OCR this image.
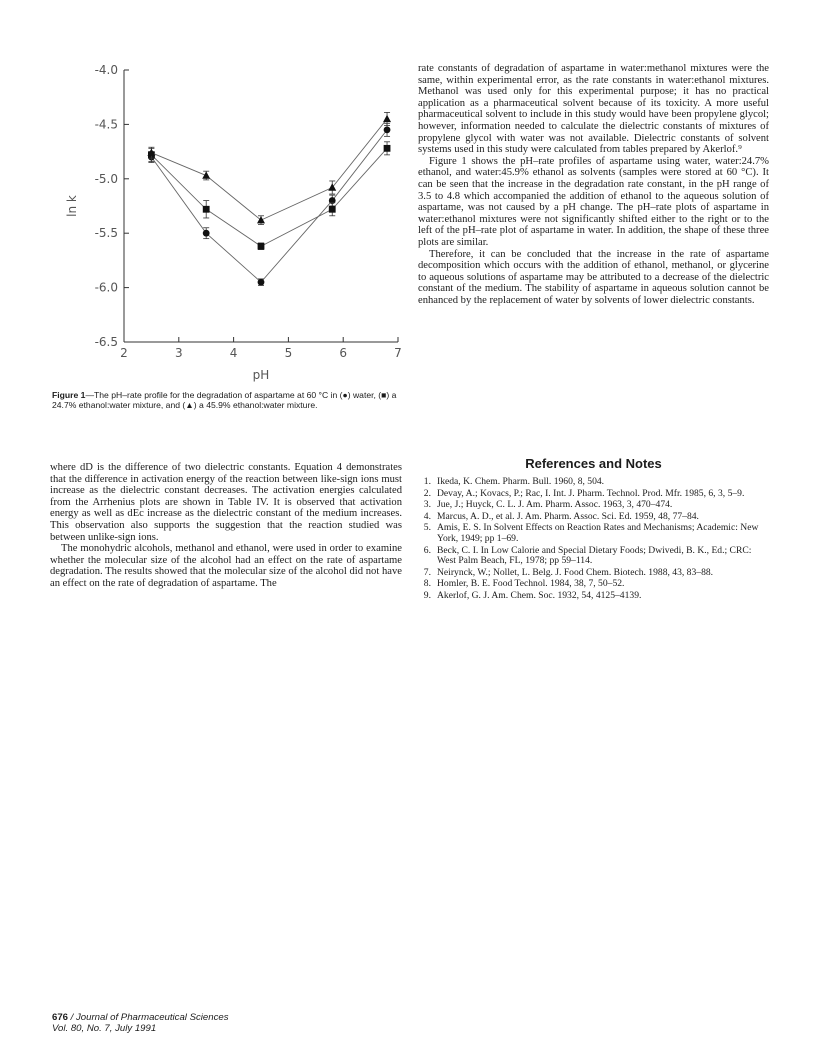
-4.0
-4.5
-5.0
-5.5
-6.0
-6.5
2	3	4	5	6	7
pH
ln k
Figure 1—The pH–rate profile for the degradation of aspartame at 60 °C in (●) water, (■) a 24.7% ethanol:water mixture, and (▲) a 45.9% ethanol:water mixture.

where dD is the difference of two dielectric constants. Equation 4 demonstrates that the difference in activation energy of the reaction between like-sign ions must increase as the dielectric constant decreases. The activation energies calculated from the Arrhenius plots are shown in Table IV. It is observed that activation energy as well as dEc increase as the dielectric constant of the medium increases. This observation also supports the suggestion that the reaction studied was between unlike-sign ions.

The monohydric alcohols, methanol and ethanol, were used in order to examine whether the molecular size of the alcohol had an effect on the rate of aspartame degradation. The results showed that the molecular size of the alcohol did not have an effect on the rate of degradation of aspartame. The

rate constants of degradation of aspartame in water:methanol mixtures were the same, within experimental error, as the rate constants in water:ethanol mixtures. Methanol was used only for this experimental purpose; it has no practical application as a pharmaceutical solvent because of its toxicity. A more useful pharmaceutical solvent to include in this study would have been propylene glycol; however, information needed to calculate the dielectric constants of mixtures of propylene glycol with water was not available. Dielectric constants of solvent systems used in this study were calculated from tables prepared by Akerlof.⁹

Figure 1 shows the pH–rate profiles of aspartame using water, water:24.7% ethanol, and water:45.9% ethanol as solvents (samples were stored at 60 °C). It can be seen that the increase in the degradation rate constant, in the pH range of 3.5 to 4.8 which accompanied the addition of ethanol to the aqueous solution of aspartame, was not caused by a pH change. The pH–rate plots of aspartame in water:ethanol mixtures were not significantly shifted either to the right or to the left of the pH–rate plot of aspartame in water. In addition, the shape of these three plots are similar.

Therefore, it can be concluded that the increase in the rate of aspartame decomposition which occurs with the addition of ethanol, methanol, or glycerine to aqueous solutions of aspartame may be attributed to a decrease of the dielectric constant of the medium. The stability of aspartame in aqueous solution cannot be enhanced by the replacement of water by solvents of lower dielectric constants.

References and Notes
1. Ikeda, K. Chem. Pharm. Bull. 1960, 8, 504.
2. Devay, A.; Kovacs, P.; Rac, I. Int. J. Pharm. Technol. Prod. Mfr. 1985, 6, 3, 5–9.
3. Jue, J.; Huyck, C. L. J. Am. Pharm. Assoc. 1963, 3, 470–474.
4. Marcus, A. D., et al. J. Am. Pharm. Assoc. Sci. Ed. 1959, 48, 77–84.
5. Amis, E. S. In Solvent Effects on Reaction Rates and Mechanisms; Academic: New York, 1949; pp 1–69.
6. Beck, C. I. In Low Calorie and Special Dietary Foods; Dwivedi, B. K., Ed.; CRC: West Palm Beach, FL, 1978; pp 59–114.
7. Neirynck, W.; Nollet, L. Belg. J. Food Chem. Biotech. 1988, 43, 83–88.
8. Homler, B. E. Food Technol. 1984, 38, 7, 50–52.
9. Akerlof, G. J. Am. Chem. Soc. 1932, 54, 4125–4139.
676 / Journal of Pharmaceutical Sciences
Vol. 80, No. 7, July 1991
